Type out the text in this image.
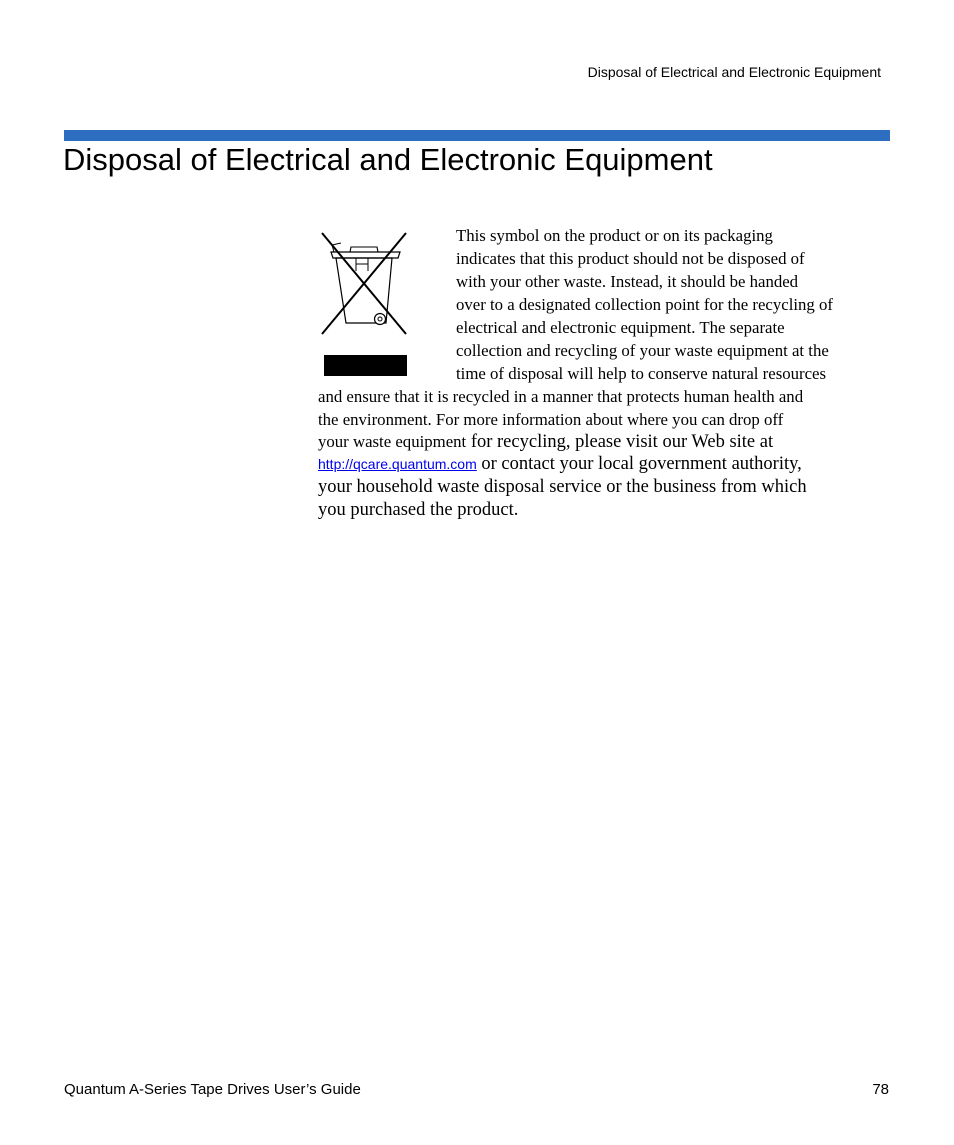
Disposal of Electrical and Electronic Equipment
Disposal of Electrical and Electronic Equipment

This symbol on the product or on its packaging

indicates that this product should not be disposed of

with your other waste. Instead, it should be handed

over to a designated collection point for the recycling of

electrical and electronic equipment. The separate

collection and recycling of your waste equipment at the

time of disposal will help to conserve natural resources

and ensure that it is recycled in a manner that protects human health and

the environment. For more information about where you can drop off

your waste equipment for recycling, please visit our Web site at

http://qcare.quantum.com or contact your local government authority,

your household waste disposal service or the business from which

you purchased the product.

Quantum A-Series Tape Drives User’s Guide	78
